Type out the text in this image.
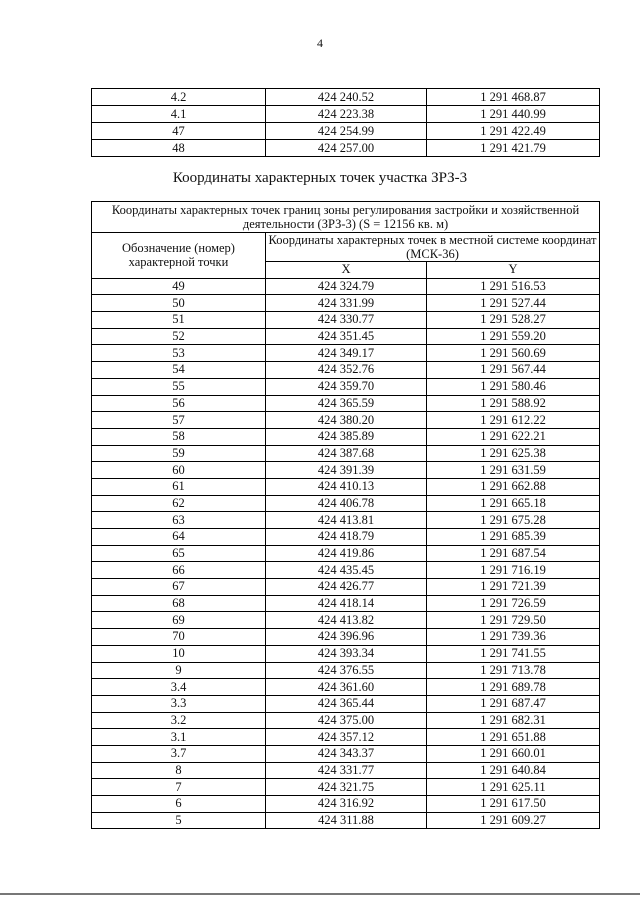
4
4.2	424 240.52	1 291 468.87
4.1	424 223.38	1 291 440.99
47	424 254.99	1 291 422.49
48	424 257.00	1 291 421.79
Координаты характерных точек участка ЗРЗ-3
Координаты характерных точек границ зоны регулирования застройки и хозяйственной деятельности (ЗРЗ-3) (S = 12156 кв. м)		
Обозначение (номер) характерной точки	Координаты характерных точек в местной системе координат (МСК-36)	
	X	Y
49	424 324.79	1 291 516.53
50	424 331.99	1 291 527.44
51	424 330.77	1 291 528.27
52	424 351.45	1 291 559.20
53	424 349.17	1 291 560.69
54	424 352.76	1 291 567.44
55	424 359.70	1 291 580.46
56	424 365.59	1 291 588.92
57	424 380.20	1 291 612.22
58	424 385.89	1 291 622.21
59	424 387.68	1 291 625.38
60	424 391.39	1 291 631.59
61	424 410.13	1 291 662.88
62	424 406.78	1 291 665.18
63	424 413.81	1 291 675.28
64	424 418.79	1 291 685.39
65	424 419.86	1 291 687.54
66	424 435.45	1 291 716.19
67	424 426.77	1 291 721.39
68	424 418.14	1 291 726.59
69	424 413.82	1 291 729.50
70	424 396.96	1 291 739.36
10	424 393.34	1 291 741.55
9	424 376.55	1 291 713.78
3.4	424 361.60	1 291 689.78
3.3	424 365.44	1 291 687.47
3.2	424 375.00	1 291 682.31
3.1	424 357.12	1 291 651.88
3.7	424 343.37	1 291 660.01
8	424 331.77	1 291 640.84
7	424 321.75	1 291 625.11
6	424 316.92	1 291 617.50
5	424 311.88	1 291 609.27
